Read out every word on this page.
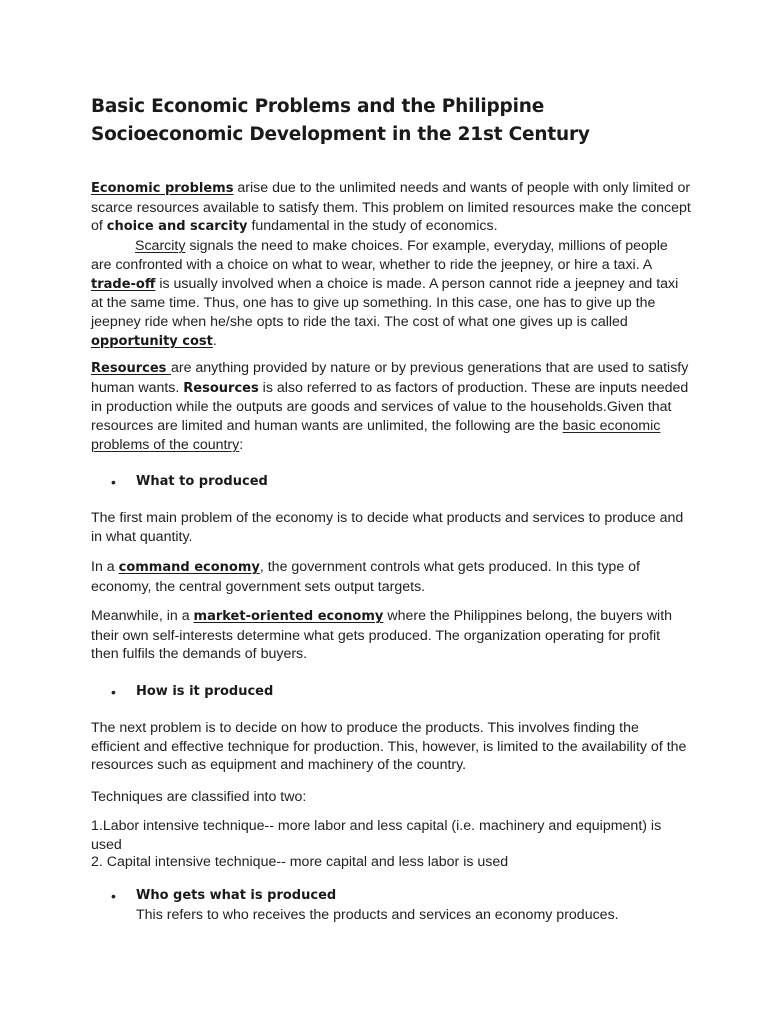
Basic Economic Problems and the Philippine Socioeconomic Development in the 21st Century

Economic problems arise due to the unlimited needs and wants of people with only limited or scarce resources available to satisfy them. This problem on limited resources make the concept of choice and scarcity fundamental in the study of economics.
Scarcity signals the need to make choices. For example, everyday, millions of people are confronted with a choice on what to wear, whether to ride the jeepney, or hire a taxi. A trade-off is usually involved when a choice is made. A person cannot ride a jeepney and taxi at the same time. Thus, one has to give up something. In this case, one has to give up the jeepney ride when he/she opts to ride the taxi. The cost of what one gives up is called opportunity cost.

Resources are anything provided by nature or by previous generations that are used to satisfy human wants. Resources is also referred to as factors of production. These are inputs needed in production while the outputs are goods and services of value to the households.Given that resources are limited and human wants are unlimited, the following are the basic economic problems of the country:

• What to produced

The first main problem of the economy is to decide what products and services to produce and in what quantity.

In a command economy, the government controls what gets produced. In this type of economy, the central government sets output targets.

Meanwhile, in a market-oriented economy where the Philippines belong, the buyers with their own self-interests determine what gets produced. The organization operating for profit then fulfils the demands of buyers.

• How is it produced

The next problem is to decide on how to produce the products. This involves finding the efficient and effective technique for production. This, however, is limited to the availability of the resources such as equipment and machinery of the country.

Techniques are classified into two:

1.Labor intensive technique-- more labor and less capital (i.e. machinery and equipment) is used

2. Capital intensive technique-- more capital and less labor is used

• Who gets what is produced
This refers to who receives the products and services an economy produces.
